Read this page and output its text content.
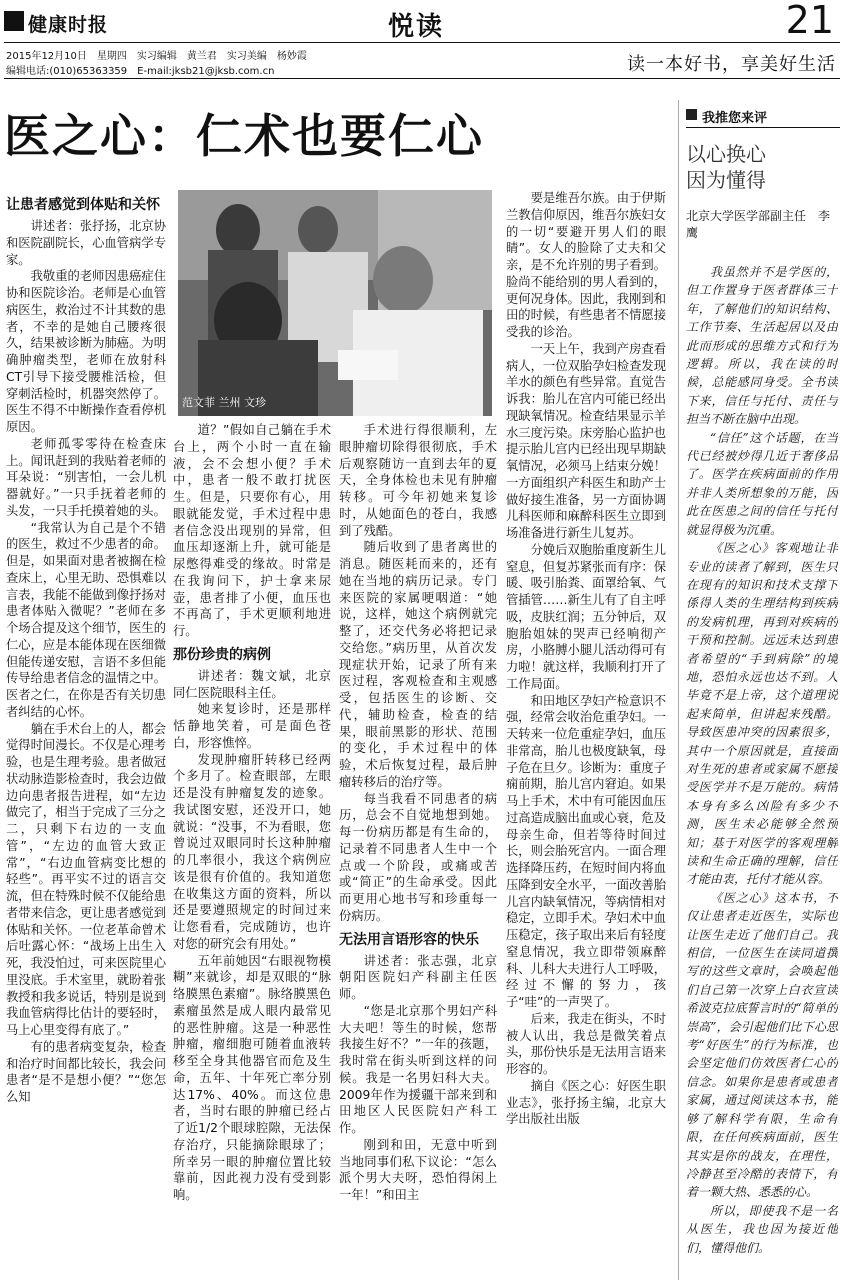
健康时报	悦读	21
2015年12月10日　星期四　实习编辑　黄兰君　实习美编　杨妙霞
编辑电话:(010)65363359　E-mail:jksb21@jksb.com.cn	读一本好书，享美好生活
医之心：仁术也要仁心
范文菲 兰州 文珍

让患者感觉到体贴和关怀

讲述者：张抒扬，北京协和医院副院长，心血管病学专家。

我敬重的老师因患癌症住协和医院诊治。老师是心血管病医生，救治过不计其数的患者，不幸的是她自己腰疼很久，结果被诊断为肺癌。为明确肿瘤类型，老师在放射科CT引导下接受腰椎活检，但穿刺活检时，机器突然停了。医生不得不中断操作查看停机原因。

老师孤零零待在检查床上。闻讯赶到的我贴着老师的耳朵说：“别害怕，一会儿机器就好。”一只手抚着老师的头发，一只手托摸着她的头。

“我常认为自己是个不错的医生，救过不少患者的命。但是，如果面对患者被搁在检查床上，心里无助、恐惧难以言表，我能不能做到像抒扬对患者体贴入微呢？”老师在多个场合提及这个细节，医生的仁心，应是本能体现在医细微但能传递安慰，言语不多但能传导给患者信念的温情之中。医者之仁，在你是否有关切患者纠结的心怀。

躺在手术台上的人，都会觉得时间漫长。不仅是心理考验，也是生理考验。患者做冠状动脉造影检查时，我会边做边向患者报告进程，如“左边做完了，相当于完成了三分之二，只剩下右边的一支血管”，“左边的血管大致正常”，“右边血管病变比想的轻些”。再平实不过的语言交流，但在特殊时候不仅能给患者带来信念，更让患者感觉到体贴和关怀。一位老革命曾术后吐露心怀：“战场上出生入死，我没怕过，可来医院里心里没底。手术室里，就盼着张教授和我多说话，特别是说到我血管病得比估计的要轻时，马上心里变得有底了。”

有的患者病变复杂，检查和治疗时间都比较长，我会问患者“是不是想小便？”“您怎么知

道？”假如自己躺在手术台上，两个小时一直在输液，会不会想小便？手术中，患者一般不敢打扰医生。但是，只要你有心，用眼就能发觉，手术过程中患者信念没出现别的异常，但血压却逐渐上升，就可能是尿憋得难受的缘故。时常是在我询问下，护士拿来尿壶，患者排了小便，血压也不再高了，手术更顺利地进行。

那份珍贵的病例

讲述者：魏文斌，北京同仁医院眼科主任。

她来复诊时，还是那样恬静地笑着，可是面色苍白，形容憔悴。

发现肿瘤肝转移已经两个多月了。检查眼部，左眼还是没有肿瘤复发的迹象。我试图安慰，还没开口，她就说：“没事，不为看眼，您曾说过双眼同时长这种肿瘤的几率很小，我这个病例应该是很有价值的。我知道您在收集这方面的资料，所以还是要遵照规定的时间过来让您看看，完成随访，也许对您的研究会有用处。”

五年前她因“右眼视物模糊”来就诊，却是双眼的“脉络膜黑色素瘤”。脉络膜黑色素瘤虽然是成人眼内最常见的恶性肿瘤。这是一种恶性肿瘤，瘤细胞可随着血液转移至全身其他器官而危及生命，五年、十年死亡率分别达17%、40%。而这位患者，当时右眼的肿瘤已经占了近1/2个眼球腔隙，无法保存治疗，只能摘除眼球了；所幸另一眼的肿瘤位置比较靠前，因此视力没有受到影响。

手术进行得很顺利，左眼肿瘤切除得很彻底，手术后观察随访一直到去年的夏天，全身体检也未见有肿瘤转移。可今年初她来复诊时，从她面色的苍白，我感到了残酷。

随后收到了患者离世的消息。随医耗而来的，还有她在当地的病历记录。专门来医院的家属哽咽道：“她说，这样，她这个病例就完整了，还交代务必将把记录交给您。”病历里，从首次发现症状开始，记录了所有来医过程，客观检查和主观感受，包括医生的诊断、交代，辅助检查，检查的结果，眼前黑影的形状、范围的变化，手术过程中的体验，术后恢复过程，最后肿瘤转移后的治疗等。

每当我看不同患者的病历，总会不自觉地想到她。每一份病历都是有生命的，记录着不同患者人生中一个点或一个阶段，或痛或苦或“简正”的生命承受。因此而更用心地书写和珍重每一份病历。

无法用言语形容的快乐

讲述者：张志强，北京朝阳医院妇产科副主任医师。

“您是北京那个男妇产科大夫吧！等生的时候，您帮我接生好不？”一年的孩题，我时常在街头听到这样的问候。我是一名男妇科大夫。2009年作为援疆干部来到和田地区人民医院妇产科工作。

刚到和田，无意中听到当地同事们私下议论：“怎么派个男大夫呀，恐怕得闲上一年！”和田主

要是维吾尔族。由于伊斯兰教信仰原因，维吾尔族妇女的一切“要避开男人们的眼睛”。女人的脸除了丈夫和父亲，是不允许别的男子看到。脸尚不能给别的男人看到的，更何况身体。因此，我刚到和田的时候，有些患者不情愿接受我的诊治。

一天上午，我到产房查看病人，一位双胎孕妇检查发现羊水的颜色有些异常。直觉告诉我：胎儿在宫内可能已经出现缺氧情况。检查结果显示羊水三度污染。床旁胎心监护也提示胎儿宫内已经出现早期缺氧情况，必须马上结束分娩！一方面组织产科医生和助产士做好接生准备，另一方面协调儿科医师和麻醉科医生立即到场准备进行新生儿复苏。

分娩后双胞胎重度新生儿窒息，但复苏紧张而有序：保暖、吸引胎粪、面罩给氧、气管插管……新生儿有了自主呼吸，皮肤红润；五分钟后，双胞胎姐妹的哭声已经响彻产房，小胳膊小腿儿活动得可有力啦！就这样，我顺利打开了工作局面。

和田地区孕妇产检意识不强，经常会收治危重孕妇。一天转来一位危重症孕妇，血压非常高，胎儿也极度缺氧，母子危在旦夕。诊断为：重度子痫前期，胎儿宫内窘迫。如果马上手术，术中有可能因血压过高造成脑出血或心衰，危及母亲生命，但若等待时间过长，则会胎死宫内。一面合理选择降压药，在短时间内将血压降到安全水平，一面改善胎儿宫内缺氧情况，等病情相对稳定，立即手术。孕妇术中血压稳定，孩子取出来后有轻度窒息情况，我立即带领麻醉科、儿科大夫进行人工呼吸，经过不懈的努力，孩子“哇”的一声哭了。

后来，我走在街头，不时被人认出，我总是微笑着点头，那份快乐是无法用言语来形容的。

摘自《医之心：好医生职业志》，张抒扬主编，北京大学出版社出版

我推您来评
以心换心
因为懂得
北京大学医学部副主任　李　鹰

我虽然并不是学医的，但工作置身于医者群体三十年，了解他们的知识结构、工作节奏、生活起居以及由此而形成的思维方式和行为逻辑。所以，我在读的时候，总能感同身受。全书读下来，信任与托付、责任与担当不断在脑中出现。

“信任”这个话题，在当代已经被炒得几近于奢侈品了。医学在疾病面前的作用并非人类所想象的万能，因此在医患之间的信任与托付就显得极为沉重。

《医之心》客观地让非专业的读者了解到，医生只在现有的知识和技术支撑下係得人类的生理结构到疾病的发病机理，再到对疾病的干预和控制。远远未达到患者希望的“手到病除”的境地，恐怕永远也达不到。人毕竟不是上帝，这个道理说起来简单，但讲起来残酷。导致医患冲突的因素很多，其中一个原因就是，直接面对生死的患者或家属不愿接受医学并不是万能的。病情本身有多么凶险有多少不测，医生未必能够全然预知；基于对医学的客观理解读和生命正确的理解，信任才能由衷，托付才能从容。

《医之心》这本书，不仅让患者走近医生，实际也让医生走近了他们自己。我相信，一位医生在读同道撰写的这些文章时，会唤起他们自己第一次穿上白衣宣读希波克拉底誓言时的“简单的崇高”，会引起他们比下心思考“好医生”的行为标准，也会坚定他们仿效医者仁心的信念。如果你是患者或患者家属，通过阅读这本书，能够了解科学有限，生命有限，在任何疾病面前，医生其实是你的战友，在理性，冷静甚至冷酷的表情下，有着一颗大热、悉悉的心。

所以，即使我不是一名从医生，我也因为接近他们，懂得他们。
